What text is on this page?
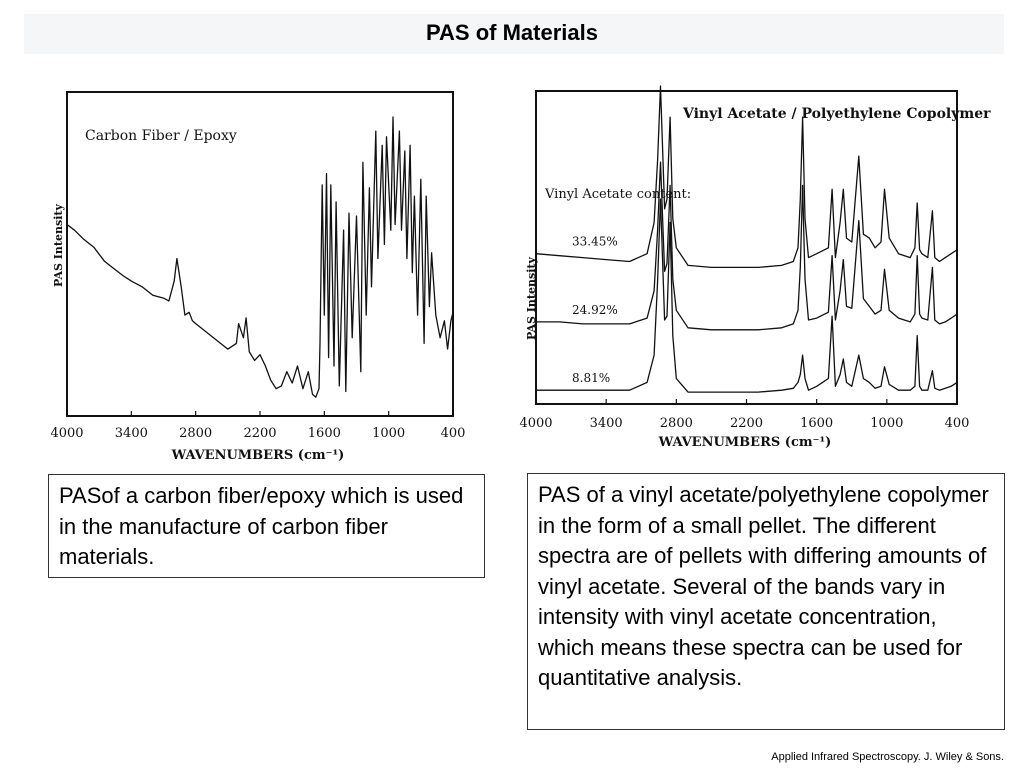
PAS of Materials
4000 3400 2800 2200 1600 1000	400
Carbon Fiber / Epoxy
PAS Intensity
WAVENUMBERS (cm⁻¹)
4000	3400	2800	2200	1600	1000	400
33.45%
24.92%
8.81%
Vinyl Acetate / Polyethylene Copolymer
Vinyl Acetate content:
PAS Intensity
WAVENUMBERS (cm⁻¹)
PASof a carbon fiber/epoxy which is used in the manufacture of carbon fiber materials.
PAS of a vinyl acetate/polyethylene copolymer in the form of a small pellet. The different spectra are of pellets with differing amounts of vinyl acetate. Several of the bands vary in intensity with vinyl acetate concentration, which means these spectra can be used for quantitative analysis.
Applied Infrared Spectroscopy. J. Wiley & Sons.
